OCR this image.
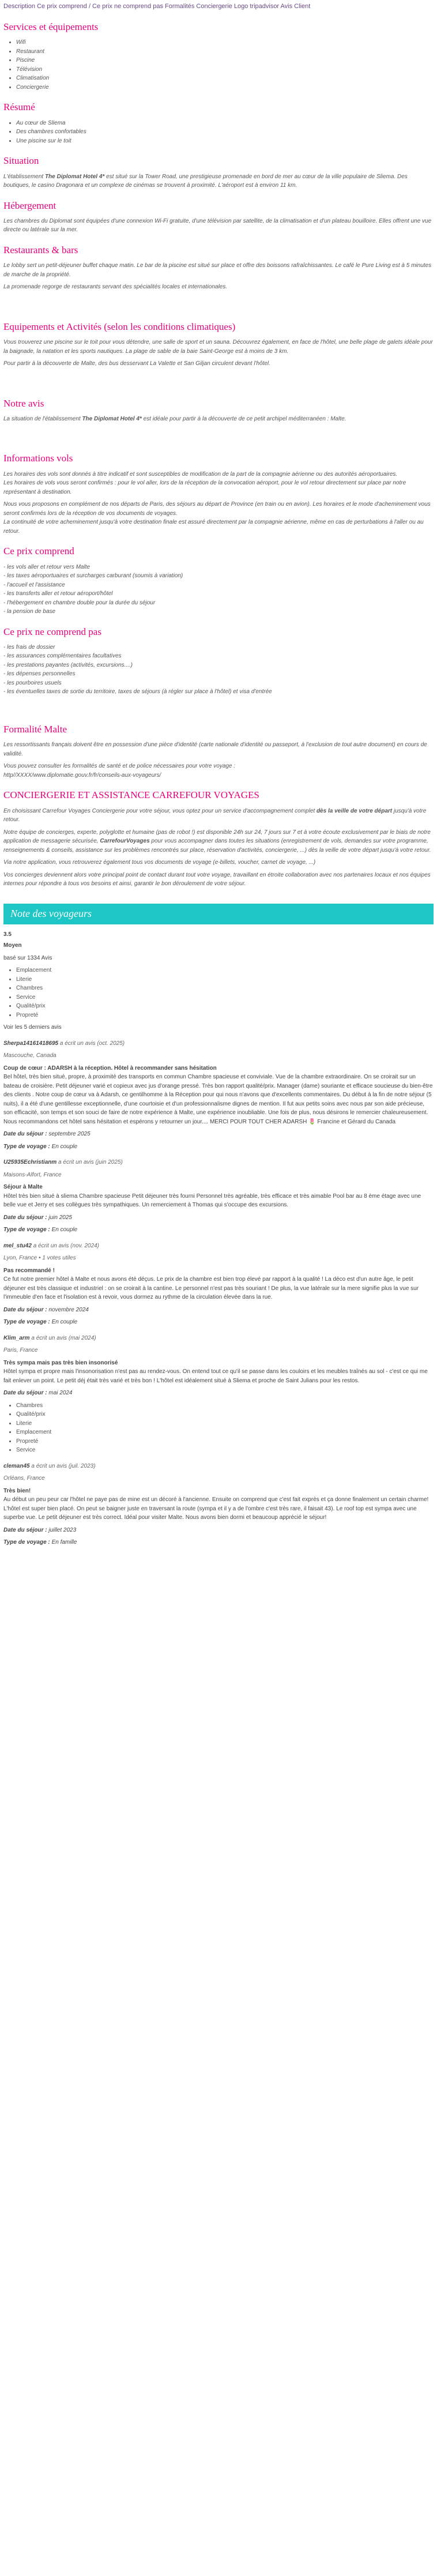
Description Ce prix comprend / Ce prix ne comprend pas Formalités Conciergerie Logo tripadvisor Avis Client
Services et équipements
• Wifi
• Restaurant
• Piscine
• Télévision
• Climatisation
• Conciergerie
Résumé
• Au cœur de Sliema
• Des chambres confortables
• Une piscine sur le toit
Situation

L'établissement The Diplomat Hotel 4* est situé sur la Tower Road, une prestigieuse promenade en bord de mer au cœur de la ville populaire de Sliema. Des boutiques, le casino Dragonara et un complexe de cinémas se trouvent à proximité. L'aéroport est à environ 11 km.

Hébergement

Les chambres du Diplomat sont équipées d'une connexion Wi-Fi gratuite, d'une télévision par satellite, de la climatisation et d'un plateau bouilloire. Elles offrent une vue directe ou latérale sur la mer.

Restaurants & bars

Le lobby sert un petit-déjeuner buffet chaque matin. Le bar de la piscine est situé sur place et offre des boissons rafraîchissantes. Le café le Pure Living est à 5 minutes de marche de la propriété.

La promenade regorge de restaurants servant des spécialités locales et internationales.

Equipements et Activités (selon les conditions climatiques)

Vous trouverez une piscine sur le toit pour vous détendre, une salle de sport et un sauna. Découvrez également, en face de l'hôtel, une belle plage de galets idéale pour la baignade, la natation et les sports nautiques. La plage de sable de la baie Saint-George est à moins de 3 km.

Pour partir à la découverte de Malte, des bus desservant La Valette et San Giljan circulent devant l'hôtel.

Notre avis

La situation de l'établissement The Diplomat Hotel 4* est idéale pour partir à la découverte de ce petit archipel méditerranéen : Malte.

Informations vols

Les horaires des vols sont donnés à titre indicatif et sont susceptibles de modification de la part de la compagnie aérienne ou des autorités aéroportuaires.
Les horaires de vols vous seront confirmés : pour le vol aller, lors de la réception de la convocation aéroport, pour le vol retour directement sur place par notre représentant à destination.

Nous vous proposons en complément de nos départs de Paris, des séjours au départ de Province (en train ou en avion). Les horaires et le mode d'acheminement vous seront confirmés lors de la réception de vos documents de voyages.
La continuité de votre acheminement jusqu'à votre destination finale est assuré directement par la compagnie aérienne, même en cas de perturbations à l'aller ou au retour.

Ce prix comprend

- les vols aller et retour vers Malte

- les taxes aéroportuaires et surcharges carburant (soumis à variation)

- l'accueil et l'assistance

- les transferts aller et retour aéroport/hôtel

- l'hébergement en chambre double pour la durée du séjour

- la pension de base

Ce prix ne comprend pas

- les frais de dossier

- les assurances complémentaires facultatives

- les prestations payantes (activités, excursions....)

- les dépenses personnelles

- les pourboires usuels

- les éventuelles taxes de sortie du territoire, taxes de séjours (à régler sur place à l'hôtel) et visa d'entrée

Formalité Malte

Les ressortissants français doivent être en possession d'une pièce d'identité (carte nationale d'identité ou passeport, à l'exclusion de tout autre document) en cours de validité.

Vous pouvez consulter les formalités de santé et de police nécessaires pour votre voyage :
http//XXXX/www.diplomatie.gouv.fr/fr/conseils-aux-voyageurs/

CONCIERGERIE ET ASSISTANCE CARREFOUR VOYAGES

En choisissant Carrefour Voyages Conciergerie pour votre séjour, vous optez pour un service d'accompagnement complet dès la veille de votre départ jusqu'à votre retour.

Notre équipe de concierges, experte, polyglotte et humaine (pas de robot !) est disponible 24h sur 24, 7 jours sur 7 et à votre écoute exclusivement par le biais de notre application de messagerie sécurisée, CarrefourVoyages pour vous accompagner dans toutes les situations (enregistrement de vols, demandes sur votre programme, renseignements & conseils, assistance sur les problèmes rencontrés sur place, réservation d'activités, conciergerie, ...) dès la veille de votre départ jusqu'à votre retour.

Via notre application, vous retrouverez également tous vos documents de voyage (e-billets, voucher, carnet de voyage, ...)

Vos concierges deviennent alors votre principal point de contact durant tout votre voyage, travaillant en étroite collaboration avec nos partenaires locaux et nos équipes internes pour répondre à tous vos besoins et ainsi, garantir le bon déroulement de votre séjour.

Note des voyageurs
3.5
Moyen

basé sur 1334 Avis

• Emplacement
• Literie
• Chambres
• Service
• Qualité/prix
• Propreté

Voir les 5 derniers avis

Sherpa14161418695 a écrit un avis (oct. 2025)

Mascouche, Canada

Coup de cœur : ADARSH à la réception. Hôtel à recommander sans hésitation
Bel hôtel, très bien situé, propre, à proximité des transports en commun Chambre spacieuse et conviviale. Vue de la chambre extraordinaire. On se croirait sur un bateau de croisière. Petit déjeuner varié et copieux avec jus d'orange pressé. Très bon rapport qualité/prix. Manager (dame) souriante et efficace soucieuse du bien-être des clients . Notre coup de cœur va à Adarsh, ce gentilhomme à la Réception pour qui nous n'avons que d'excellents commentaires. Du début à la fin de notre séjour (5 nuits), il a été d'une gentillesse exceptionnelle, d'une courtoisie et d'un professionnalisme dignes de mention. Il fut aux petits soins avec nous par son aide précieuse, son efficacité, son temps et son souci de faire de notre expérience à Malte, une expérience inoubliable. Une fois de plus, nous désirons le remercier chaleureusement. Nous recommandons cet hôtel sans hésitation et espérons y retourner un jour.... MERCI POUR TOUT CHER ADARSH 🌷 Francine et Gérard du Canada

Date du séjour : septembre 2025

Type de voyage : En couple

U25935Echristianm a écrit un avis (juin 2025)

Maisons-Alfort, France

Séjour à Malte
Hôtel très bien situé à sliema Chambre spacieuse Petit déjeuner très fourni Personnel très agréable, très efficace et très aimable Pool bar au 8 ème étage avec une belle vue et Jerry et ses collègues très sympathiques. Un remerciement à Thomas qui s'occupe des excursions.

Date du séjour : juin 2025

Type de voyage : En couple

mel_stu42 a écrit un avis (nov. 2024)

Lyon, France • 1 votes utiles

Pas recommandé !
Ce fut notre premier hôtel à Malte et nous avons été déçus. Le prix de la chambre est bien trop élevé par rapport à la qualité ! La déco est d'un autre âge, le petit déjeuner est très classique et industriel : on se croirait à la cantine. Le personnel n'est pas très souriant ! De plus, la vue latérale sur la mere signifie plus la vue sur l'immeuble d'en face et l'isolation est à revoir, vous dormez au rythme de la circulation élevée dans la rue.

Date du séjour : novembre 2024

Type de voyage : En couple

Klim_arm a écrit un avis (mai 2024)

Paris, France

Très sympa mais pas très bien insonorisé
Hôtel sympa et propre mais l'insonorisation n'est pas au rendez-vous. On entend tout ce qu'il se passe dans les couloirs et les meubles traînés au sol - c'est ce qui me fait enlever un point. Le petit déj était très varié et très bon ! L'hôtel est idéalement situé à Sliema et proche de Saint Julians pour les restos.

Date du séjour : mai 2024

• Chambres
• Qualité/prix
• Literie
• Emplacement
• Propreté
• Service

cleman45 a écrit un avis (juil. 2023)

Orléans, France

Très bien!
Au début un peu peur car l'hôtel ne paye pas de mine est un décoré à l'ancienne. Ensuite on comprend que c'est fait exprès et ça donne finalement un certain charme! L'hôtel est super bien placé. On peut se baigner juste en traversant la route (sympa et il y a de l'ombre c'est très rare, il faisait 43). Le roof top est sympa avec une superbe vue. Le petit déjeuner est très correct. Idéal pour visiter Malte. Nous avons bien dormi et beaucoup apprécié le séjour!

Date du séjour : juillet 2023

Type de voyage : En famille
